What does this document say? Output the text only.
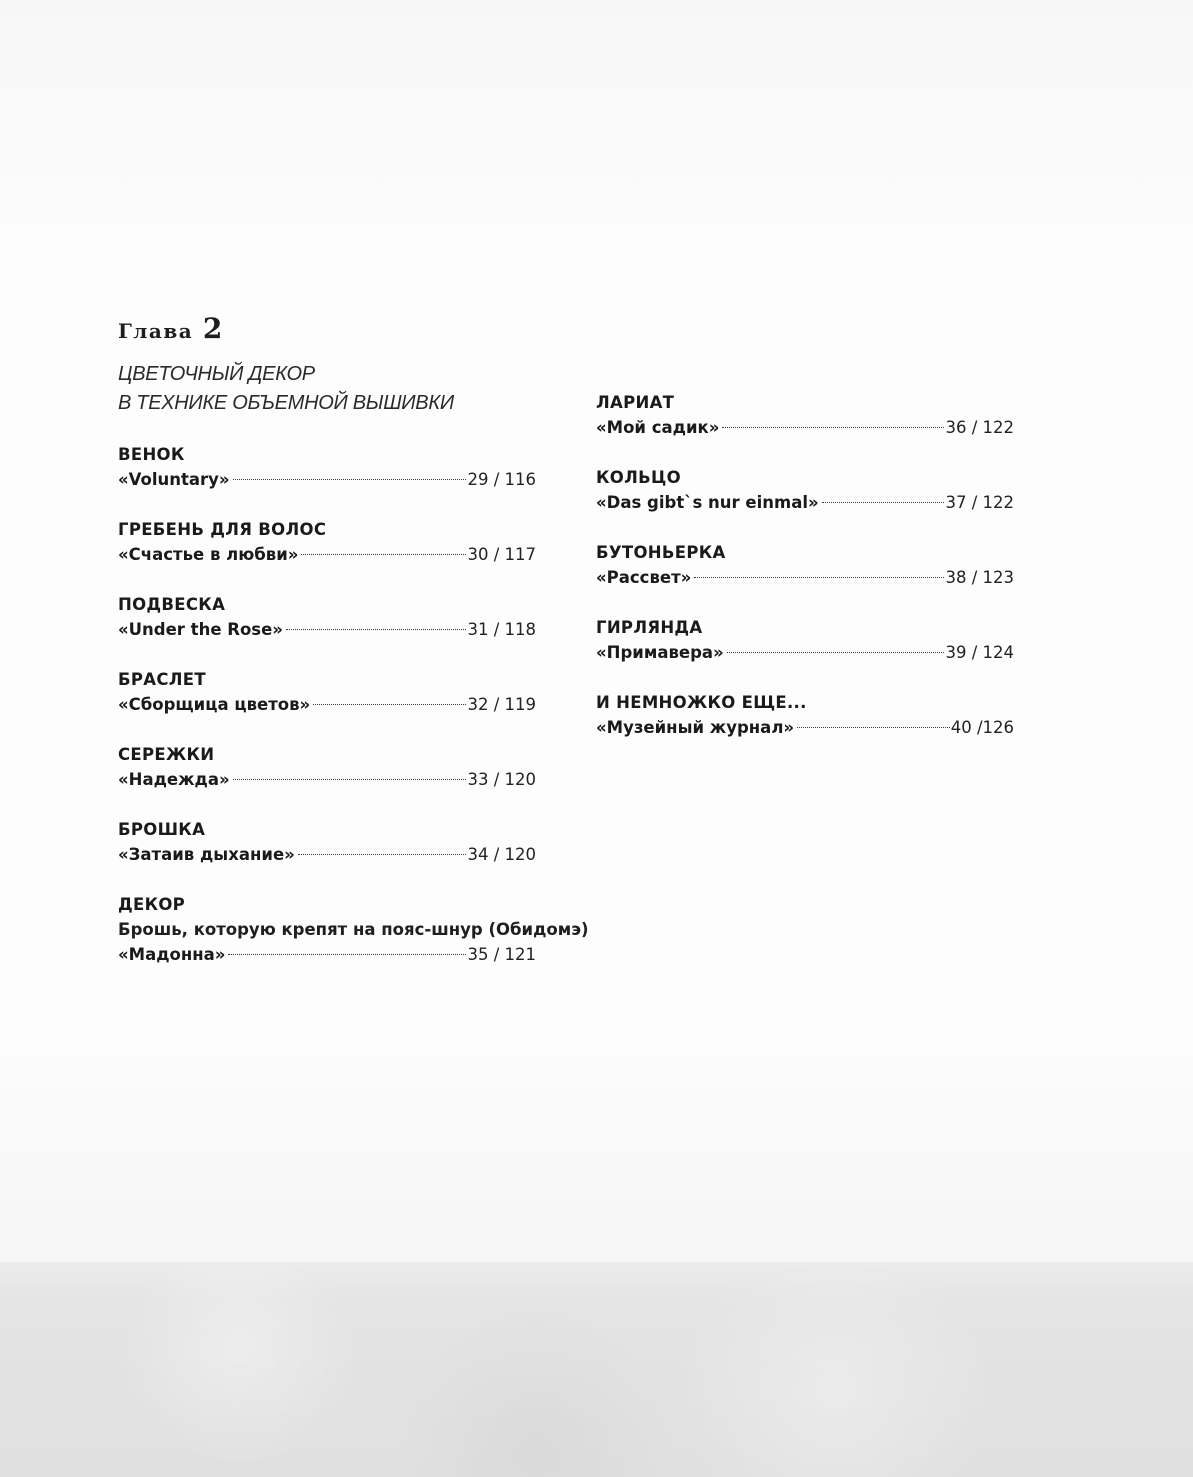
Глава 2
ЦВЕТОЧНЫЙ ДЕКОР
В ТЕХНИКЕ ОБЪЕМНОЙ ВЫШИВКИ
ВЕНОК
«Voluntary»	29 / 116
ГРЕБЕНЬ ДЛЯ ВОЛОС
«Счастье в любви»	30 / 117
ПОДВЕСКА
«Under the Rose»	31 / 118
БРАСЛЕТ
«Сборщица цветов»	32 / 119
СЕРЕЖКИ
«Надежда»	33 / 120
БРОШКА
«Затаив дыхание»	34 / 120
ДЕКОР
Брошь, которую крепят на пояс-шнур (Обидомэ)
«Мадонна»	35 / 121
ЛАРИАТ
«Мой садик»	36 / 122
КОЛЬЦО
«Das gibt`s nur einmal»	37 / 122
БУТОНЬЕРКА
«Рассвет»	38 / 123
ГИРЛЯНДА
«Примавера»	39 / 124
И НЕМНОЖКО ЕЩЕ...
«Музейный журнал»	40 /126
